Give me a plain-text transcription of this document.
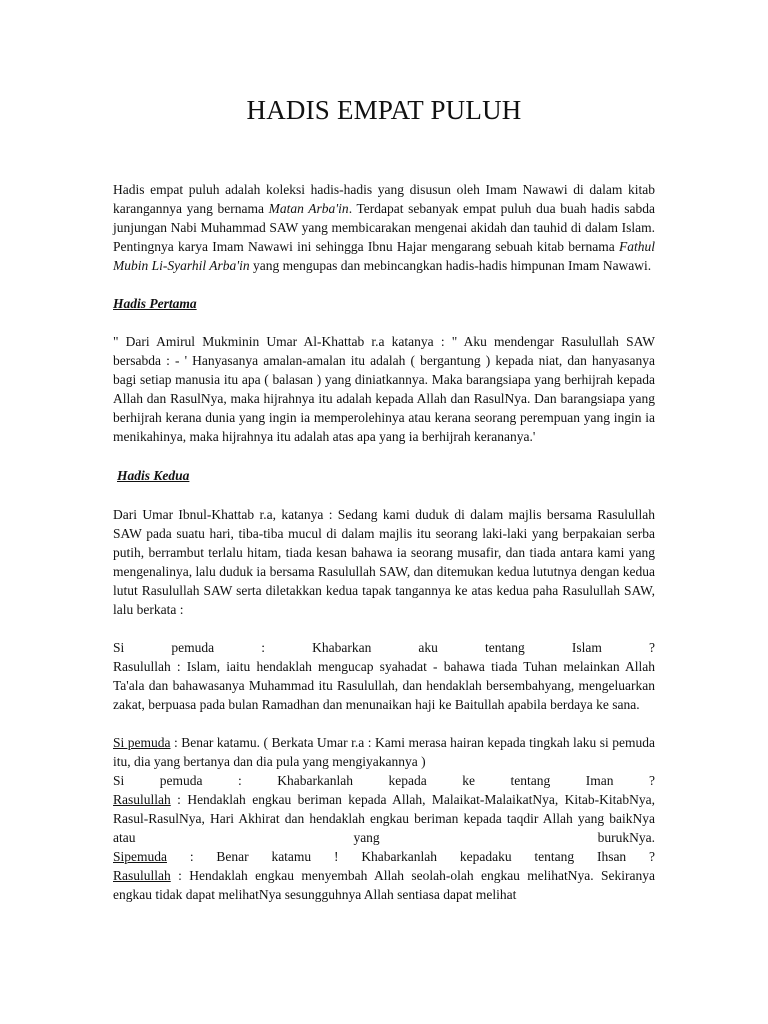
HADIS EMPAT PULUH

Hadis empat puluh adalah koleksi hadis-hadis yang disusun oleh Imam Nawawi di dalam kitab karangannya yang bernama Matan Arba'in. Terdapat sebanyak empat puluh dua buah hadis sabda junjungan Nabi Muhammad SAW yang membicarakan mengenai akidah dan tauhid di dalam Islam. Pentingnya karya Imam Nawawi ini sehingga Ibnu Hajar mengarang sebuah kitab bernama Fathul Mubin Li-Syarhil Arba'in yang mengupas dan mebincangkan hadis-hadis himpunan Imam Nawawi.

Hadis Pertama

" Dari Amirul Mukminin Umar Al-Khattab r.a katanya : " Aku mendengar Rasulullah SAW bersabda : - ' Hanyasanya amalan-amalan itu adalah ( bergantung ) kepada niat, dan hanyasanya bagi setiap manusia itu apa ( balasan ) yang diniatkannya. Maka barangsiapa yang berhijrah kepada Allah dan RasulNya, maka hijrahnya itu adalah kepada Allah dan RasulNya. Dan barangsiapa yang berhijrah kerana dunia yang ingin ia memperolehinya atau kerana seorang perempuan yang ingin ia menikahinya, maka hijrahnya itu adalah atas apa yang ia berhijrah kerananya.'

Hadis Kedua

Dari Umar Ibnul-Khattab r.a, katanya : Sedang kami duduk di dalam majlis bersama Rasulullah SAW pada suatu hari, tiba-tiba mucul di dalam majlis itu seorang laki-laki yang berpakaian serba putih, berrambut terlalu hitam, tiada kesan bahawa ia seorang musafir, dan tiada antara kami yang mengenalinya, lalu duduk ia bersama Rasulullah SAW, dan ditemukan kedua lututnya dengan kedua lutut Rasulullah SAW serta diletakkan kedua tapak tangannya ke atas kedua paha Rasulullah SAW, lalu berkata :

Si pemuda : Khabarkan aku tentang Islam ?

Rasulullah : Islam, iaitu hendaklah mengucap syahadat - bahawa tiada Tuhan melainkan Allah Ta'ala dan bahawasanya Muhammad itu Rasulullah, dan hendaklah bersembahyang, mengeluarkan zakat, berpuasa pada bulan Ramadhan dan menunaikan haji ke Baitullah apabila berdaya ke sana.

Si pemuda : Benar katamu. ( Berkata Umar r.a : Kami merasa hairan kepada tingkah laku si pemuda itu, dia yang bertanya dan dia pula yang mengiyakannya )

Si pemuda : Khabarkanlah kepada ke tentang Iman ?

Rasulullah : Hendaklah engkau beriman kepada Allah, Malaikat-MalaikatNya, Kitab-KitabNya, Rasul-RasulNya, Hari Akhirat dan hendaklah engkau beriman kepada taqdir Allah yang baikNya atau yang burukNya.

Sipemuda : Benar katamu ! Khabarkanlah kepadaku tentang Ihsan ?

Rasulullah : Hendaklah engkau menyembah Allah seolah-olah engkau melihatNya. Sekiranya engkau tidak dapat melihatNya sesungguhnya Allah sentiasa dapat melihat
